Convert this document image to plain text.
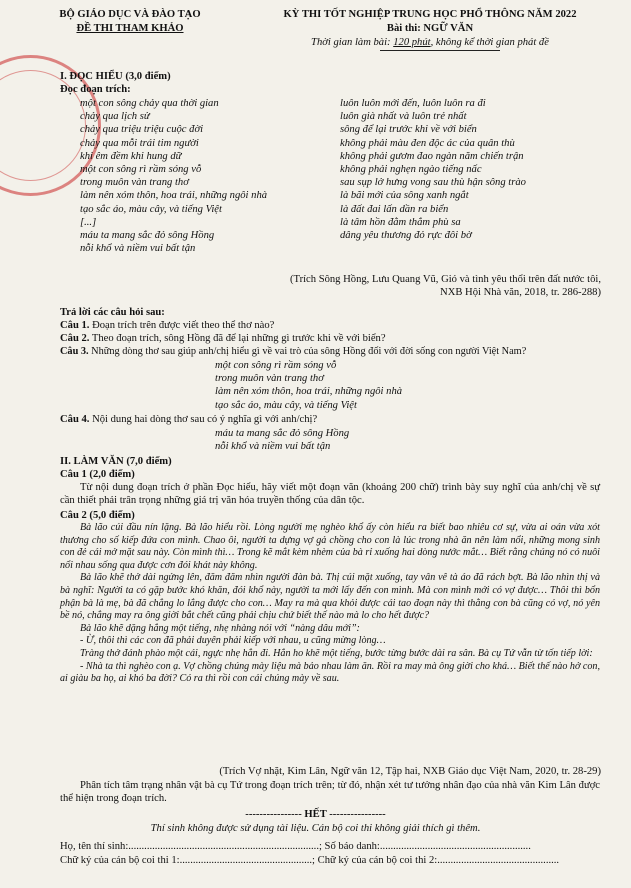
BỘ GIÁO DỤC VÀ ĐÀO TẠO
ĐỀ THI THAM KHẢO
KỲ THI TỐT NGHIỆP TRUNG HỌC PHỔ THÔNG NĂM 2022
Bài thi: NGỮ VĂN
Thời gian làm bài: 120 phút, không kể thời gian phát đề
I. ĐỌC HIỂU (3,0 điểm)
Đọc đoạn trích:
một con sông chảy qua thời gian
chảy qua lịch sử
chảy qua triệu triệu cuộc đời
chảy qua mỗi trái tim người
khi êm đềm khi hung dữ
một con sông rì rầm sóng vỗ
trong muôn vàn trang thơ
làm nên xóm thôn, hoa trái, những ngôi nhà
tạo sắc áo, màu cây, và tiếng Việt
[...]
máu ta mang sắc đỏ sông Hồng
nỗi khổ và niềm vui bất tận
luôn luôn mới đến, luôn luôn ra đi
luôn già nhất và luôn trẻ nhất
sông để lại trước khi về với biển
không phải màu đen độc ác của quân thù
không phải gươm đao ngàn năm chiến trận
không phải nghẹn ngào tiếng nấc
sau sụp lở hưng vong sau thù hận sông trào
là bãi mới của sông xanh ngắt
là đất đai lấn dần ra biển
là tâm hồn đằm thắm phù sa
dâng yêu thương đỏ rực đôi bờ
(Trích Sông Hồng, Lưu Quang Vũ, Gió và tình yêu thổi trên đất nước tôi,
NXB Hội Nhà văn, 2018, tr. 286-288)
Trả lời các câu hỏi sau:
Câu 1. Đoạn trích trên được viết theo thể thơ nào?
Câu 2. Theo đoạn trích, sông Hồng đã để lại những gì trước khi về với biển?
Câu 3. Những dòng thơ sau giúp anh/chị hiểu gì về vai trò của sông Hồng đối với đời sống con người Việt Nam?
một con sông rì rầm sóng vỗ
trong muôn vàn trang thơ
làm nên xóm thôn, hoa trái, những ngôi nhà
tạo sắc áo, màu cây, và tiếng Việt
Câu 4. Nội dung hai dòng thơ sau có ý nghĩa gì với anh/chị?
máu ta mang sắc đỏ sông Hồng
nỗi khổ và niềm vui bất tận
II. LÀM VĂN (7,0 điểm)
Câu 1 (2,0 điểm)
Từ nội dung đoạn trích ở phần Đọc hiểu, hãy viết một đoạn văn (khoảng 200 chữ) trình bày suy nghĩ của anh/chị về sự cần thiết phải trân trọng những giá trị văn hóa truyền thống của dân tộc.
Câu 2 (5,0 điểm)
Bà lão cúi đầu nín lặng. Bà lão hiểu rồi. Lòng người mẹ nghèo khổ ấy còn hiểu ra biết bao nhiêu cơ sự, vừa ai oán vừa xót thương cho số kiếp đứa con mình. Chao ôi, người ta dựng vợ gả chồng cho con là lúc trong nhà ăn nên làm nổi, những mong sinh con đẻ cái mở mặt sau này. Còn mình thì… Trong kẽ mắt kèm nhèm của bà rỉ xuống hai dòng nước mắt… Biết rằng chúng nó có nuôi nổi nhau sống qua được cơn đói khát này không.
Bà lão khẽ thở dài ngửng lên, đăm đăm nhìn người đàn bà. Thị cúi mặt xuống, tay vân vê tà áo đã rách bợt. Bà lão nhìn thị và bà nghĩ: Người ta có gặp bước khó khăn, đói khổ này, người ta mới lấy đến con mình. Mà con mình mới có vợ được… Thôi thì bổn phận bà là mẹ, bà đã chẳng lo lắng được cho con… May ra mà qua khỏi được cái tao đoạn này thì thằng con bà cũng có vợ, nó yên bề nó, chẳng may ra ông giời bắt chết cũng phải chịu chứ biết thế nào mà lo cho hết được?
Bà lão khẽ dặng hắng một tiếng, nhẹ nhàng nói với “nàng dâu mới”:
- Ừ, thôi thì các con đã phải duyên phải kiếp với nhau, u cũng mừng lòng…
Tràng thở đánh phào một cái, ngực nhẹ hẳn đi. Hắn ho khẽ một tiếng, bước từng bước dài ra sân. Bà cụ Tứ vẫn từ tốn tiếp lời:
- Nhà ta thì nghèo con ạ. Vợ chồng chúng mày liệu mà bảo nhau làm ăn. Rồi ra may mà ông giời cho khá… Biết thế nào hở con, ai giàu ba họ, ai khó ba đời? Có ra thì rồi con cái chúng mày về sau.
(Trích Vợ nhặt, Kim Lân, Ngữ văn 12, Tập hai, NXB Giáo dục Việt Nam, 2020, tr. 28-29)
Phân tích tâm trạng nhân vật bà cụ Tứ trong đoạn trích trên; từ đó, nhận xét tư tưởng nhân đạo của nhà văn Kim Lân được thể hiện trong đoạn trích.
---------------- HẾT ----------------
Thí sinh không được sử dụng tài liệu. Cán bộ coi thi không giải thích gì thêm.
Họ, tên thí sinh:........................................................................; Số báo danh:.........................................................
Chữ ký của cán bộ coi thi 1:..................................................; Chữ ký của cán bộ coi thi 2:..............................................
